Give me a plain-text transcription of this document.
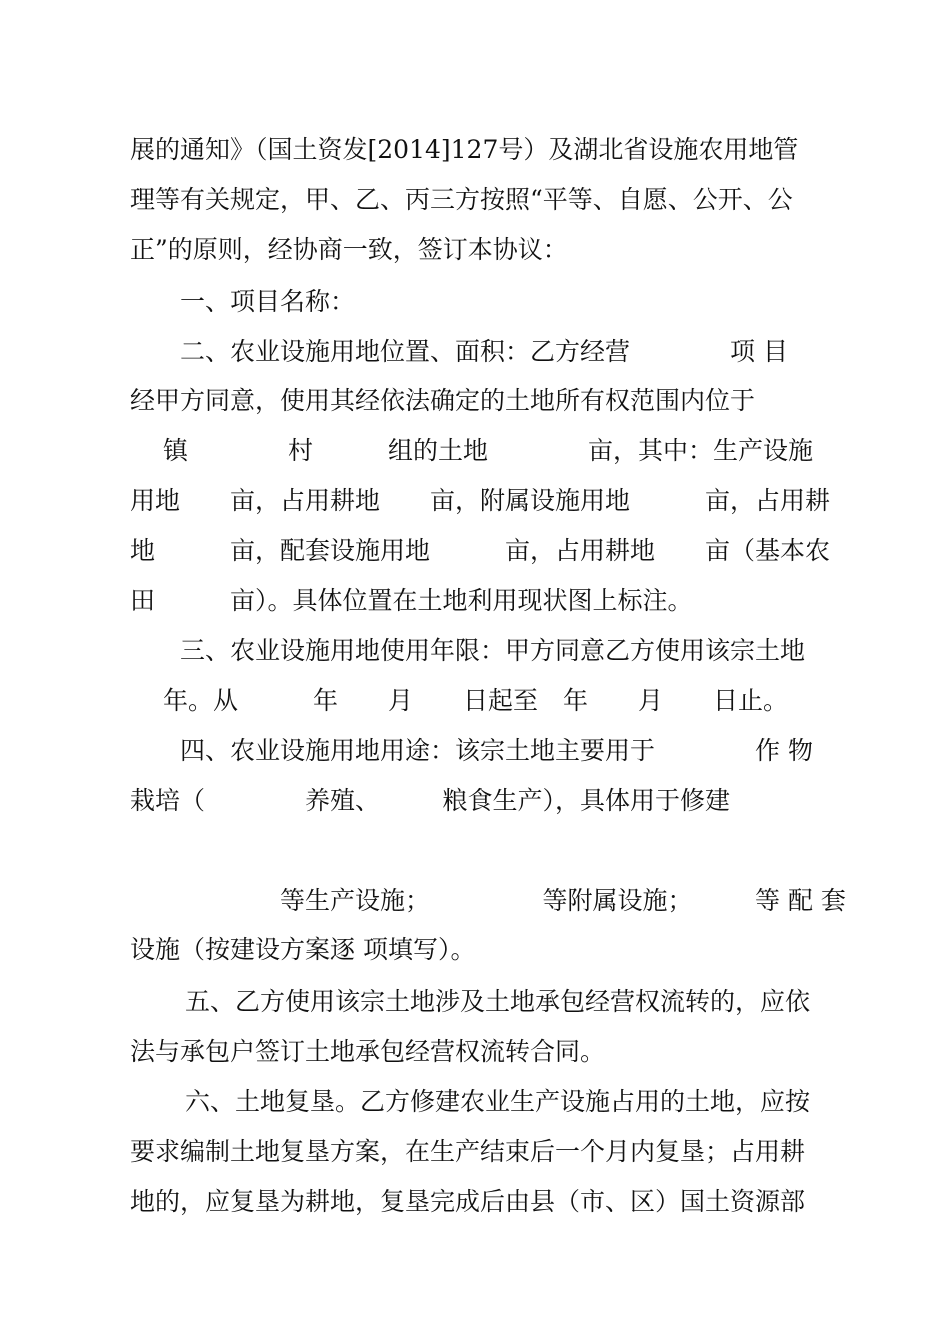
展的通知》（国土资发[2014]127号）及湖北省设施农用地管

理等有关规定，甲、乙、丙三方按照“平等、自愿、公开、公

正”的原则，经协商一致，签订本协议：

一、项目名称：

二、农业设施用地位置、面积：乙方经营　　　　项 目

经甲方同意，使用其经依法确定的土地所有权范围内位于

镇　　　　村　　　组的土地　　　　亩，其中：生产设施

用地　　亩，占用耕地　　亩，附属设施用地　　　亩，占用耕

地　　　亩，配套设施用地　　　亩，占用耕地　　亩（基本农

田　　　亩）。具体位置在土地利用现状图上标注。

三、农业设施用地使用年限：甲方同意乙方使用该宗土地

年。从　　　年　　月　　日起至　年　　月　　日止。

四、农业设施用地用途：该宗土地主要用于　　　　作 物

栽培（　　　　养殖、　　　粮食生产），具体用于修建

等生产设施；　　　　　等附属设施；　　　等 配 套

设施（按建设方案逐 项填写）。

五、乙方使用该宗土地涉及土地承包经营权流转的，应依

法与承包户签订土地承包经营权流转合同。

六、土地复垦。乙方修建农业生产设施占用的土地，应按

要求编制土地复垦方案，在生产结束后一个月内复垦；占用耕

地的，应复垦为耕地，复垦完成后由县（市、区）国土资源部
